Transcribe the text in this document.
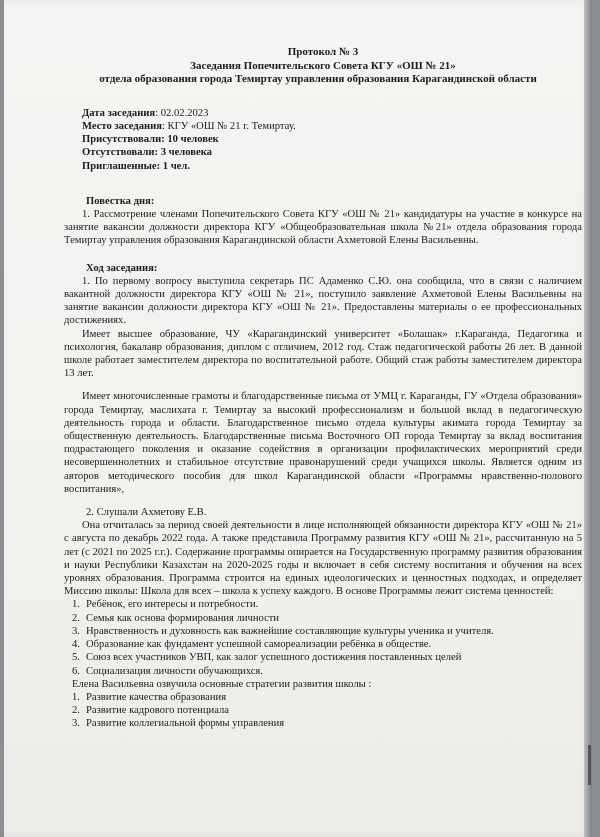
Протокол № 3
Заседания Попечительского Совета КГУ «ОШ № 21»
отдела образования города Темиртау управления образования Карагандинской области
Дата заседания: 02.02.2023
Место заседания: КГУ «ОШ № 21 г. Темиртау.
Присутствовали: 10 человек
Отсутствовали: 3 человека
Приглашенные: 1 чел.
Повестка дня:
1. Рассмотрение членами Попечительского Совета КГУ «ОШ № 21» кандидатуры на участие в конкурсе на занятие вакансии должности директора КГУ «Общеобразовательная школа №21» отдела образования города Темиртау управления образования Карагандинской области Ахметовой Елены Васильевны.
Ход заседания:
1. По первому вопросу выступила секретарь ПС Адаменко С.Ю. она сообщила, что в связи с наличием вакантной должности директора КГУ «ОШ № 21», поступило заявление Ахметовой Елены Васильевны на занятие вакансии должности директора КГУ «ОШ № 21». Предоставлены материалы о ее профессиональных достижениях.
Имеет высшее образование, ЧУ «Карагандинский университет «Болашак» г.Караганда, Педагогика и психология, бакалавр образования, диплом с отличием, 2012 год. Стаж педагогической работы 26 лет. В данной школе работает заместителем директора по воспитательной работе. Общий стаж работы заместителем директора 13 лет.
Имеет многочисленные грамоты и благодарственные письма от УМЦ г. Караганды, ГУ «Отдела образования» города Темиртау, маслихата г. Темиртау за высокий профессионализм и большой вклад в педагогическую деятельность города и области. Благодарственное письмо отдела культуры акимата города Темиртау за общественную деятельность. Благодарственные письма Восточного ОП города Темиртау за вклад воспитания подрастающего поколения и оказание содействия в организации профилактических мероприятий среди несовершеннолетних и стабильное отсутствие правонарушений среди учащихся школы. Является одним из авторов методического пособия для школ Карагандинской области «Программы нравственно-полового воспитания»,
2. Слушали Ахметову Е.В.
Она отчиталась за период своей деятельности в лице исполняющей обязанности директора КГУ «ОШ № 21» с августа по декабрь 2022 года. А также представила Программу развития КГУ «ОШ № 21», рассчитанную на 5 лет (с 2021 по 2025 г.г.). Содержание программы опирается на Государственную программу развития образования и науки Республики Казахстан на 2020-2025 годы и включает в себя систему воспитания и обучения на всех уровнях образования. Программа строится на единых идеологических и ценностных подходах, и определяет Миссию школы: Школа для всех – школа к успеху каждого. В основе Программы лежит система ценностей:
1. Ребёнок, его интересы и потребности.
2. Семья как основа формирования личности
3. Нравственность и духовность как важнейшие составляющие культуры ученика и учителя.
4. Образование как фундамент успешной самореализации ребёнка в обществе.
5. Союз всех участников УВП, как залог успешного достижения поставленных целей
6. Социализация личности обучающихся.
Елена Васильевна озвучила основные стратегии развития школы :
1. Развитие качества образования
2. Развитие кадрового потенциала
3. Развитие коллегиальной формы управления
